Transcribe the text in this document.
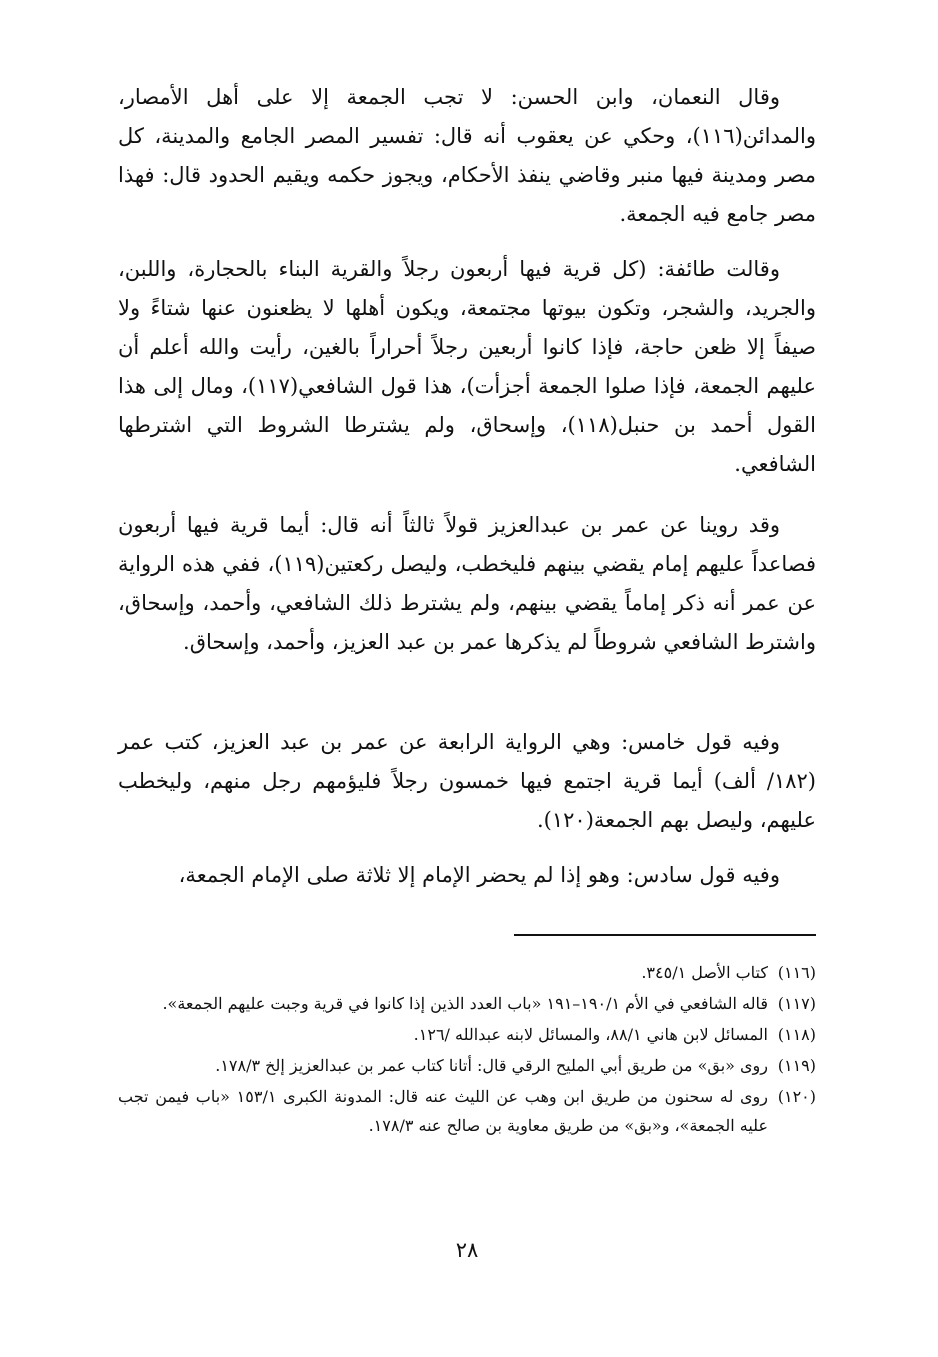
وقال النعمان، وابن الحسن: لا تجب الجمعة إلا على أهل الأمصار، والمدائن(١١٦)، وحكي عن يعقوب أنه قال: تفسير المصر الجامع والمدينة، كل مصر ومدينة فيها منبر وقاضي ينفذ الأحكام، ويجوز حكمه ويقيم الحدود قال: فهذا مصر جامع فيه الجمعة.

وقالت طائفة: (كل قرية فيها أربعون رجلاً والقرية البناء بالحجارة، واللبن، والجريد، والشجر، وتكون بيوتها مجتمعة، ويكون أهلها لا يظعنون عنها شتاءً ولا صيفاً إلا ظعن حاجة، فإذا كانوا أربعين رجلاً أحراراً بالغين، رأيت والله أعلم أن عليهم الجمعة، فإذا صلوا الجمعة أجزأت)، هذا قول الشافعي(١١٧)، ومال إلى هذا القول أحمد بن حنبل(١١٨)، وإسحاق، ولم يشترطا الشروط التي اشترطها الشافعي.

وقد روينا عن عمر بن عبدالعزيز قولاً ثالثاً أنه قال: أيما قرية فيها أربعون فصاعداً عليهم إمام يقضي بينهم فليخطب، وليصل ركعتين(١١٩)، ففي هذه الرواية عن عمر أنه ذكر إماماً يقضي بينهم، ولم يشترط ذلك الشافعي، وأحمد، وإسحاق، واشترط الشافعي شروطاً لم يذكرها عمر بن عبد العزيز، وأحمد، وإسحاق.

وفيه قول خامس: وهي الرواية الرابعة عن عمر بن عبد العزيز، كتب عمر (١٨٢/ ألف) أيما قرية اجتمع فيها خمسون رجلاً فليؤمهم رجل منهم، وليخطب عليهم، وليصل بهم الجمعة(١٢٠).

وفيه قول سادس: وهو إذا لم يحضر الإمام إلا ثلاثة صلى الإمام الجمعة،

(١١٦)
كتاب الأصل ٣٤٥/١.
(١١٧)
قاله الشافعي في الأم ١٩٠/١–١٩١ «باب العدد الذين إذا كانوا في قرية وجبت عليهم الجمعة».
(١١٨)
المسائل لابن هاني ٨٨/١، والمسائل لابنه عبدالله /١٢٦.
(١١٩)
روى «بق» من طريق أبي المليح الرقي قال: أتانا كتاب عمر بن عبدالعزيز إلخ ١٧٨/٣.
(١٢٠)
روى له سحنون من طريق ابن وهب عن الليث عنه قال: المدونة الكبرى ١٥٣/١ «باب فيمن تجب عليه الجمعة»، و«بق» من طريق معاوية بن صالح عنه ١٧٨/٣.
٢٨
